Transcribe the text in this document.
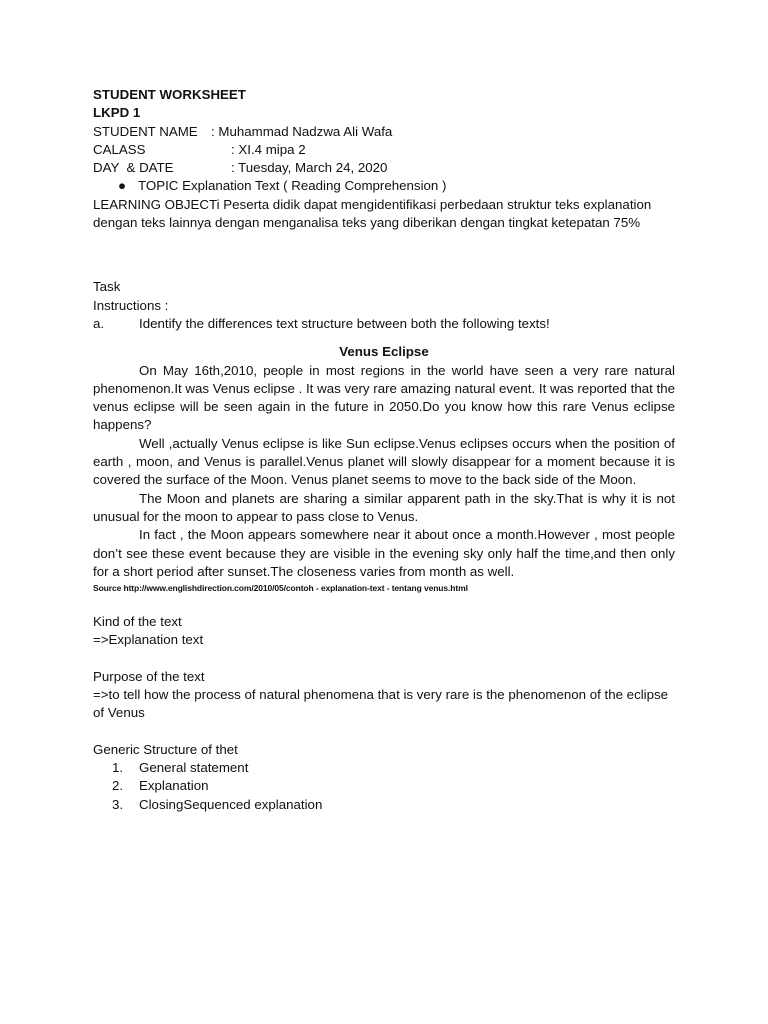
STUDENT WORKSHEET
LKPD 1
STUDENT NAME	: Muhammad Nadzwa Ali Wafa
CALASS	: XI.4 mipa 2
DAY  & DATE	: Tuesday, March 24, 2020
● TOPIC Explanation Text ( Reading Comprehension )
LEARNING OBJECTi Peserta didik dapat mengidentifikasi perbedaan struktur teks explanation dengan teks lainnya dengan menganalisa teks yang diberikan dengan tingkat ketepatan 75%
Task
Instructions :
a.	Identify the differences text structure between both the following texts!
Venus Eclipse

On May 16th,2010, people in most regions in the world have seen a very rare natural phenomenon.It was Venus eclipse . It was very rare amazing natural event. It was reported that the venus eclipse will be seen again in the future in 2050.Do you know how this rare Venus eclipse happens?

Well ,actually Venus eclipse is like Sun eclipse.Venus eclipses occurs when the position of earth , moon, and Venus is parallel.Venus planet will slowly disappear for a moment because it is covered the surface of the Moon. Venus planet seems to move to the back side of the Moon.

The Moon and planets are sharing a similar apparent path in the sky.That is why it is not unusual for the moon to appear to pass close to Venus.

In fact , the Moon appears somewhere near it about once a month.However , most people don’t see these event because they are visible in the evening sky only half the time,and then only for a short period after sunset.The closeness varies from month as well.

Source http://www.englishdirection.com/2010/05/contoh - explanation-text - tentang venus.html
Kind of the text
=>Explanation text
Purpose of the text
=>to tell how the process of natural phenomena that is very rare is the phenomenon of the eclipse of Venus
Generic Structure of thet
1.	General statement
2.	Explanation
3.	ClosingSequenced explanation
